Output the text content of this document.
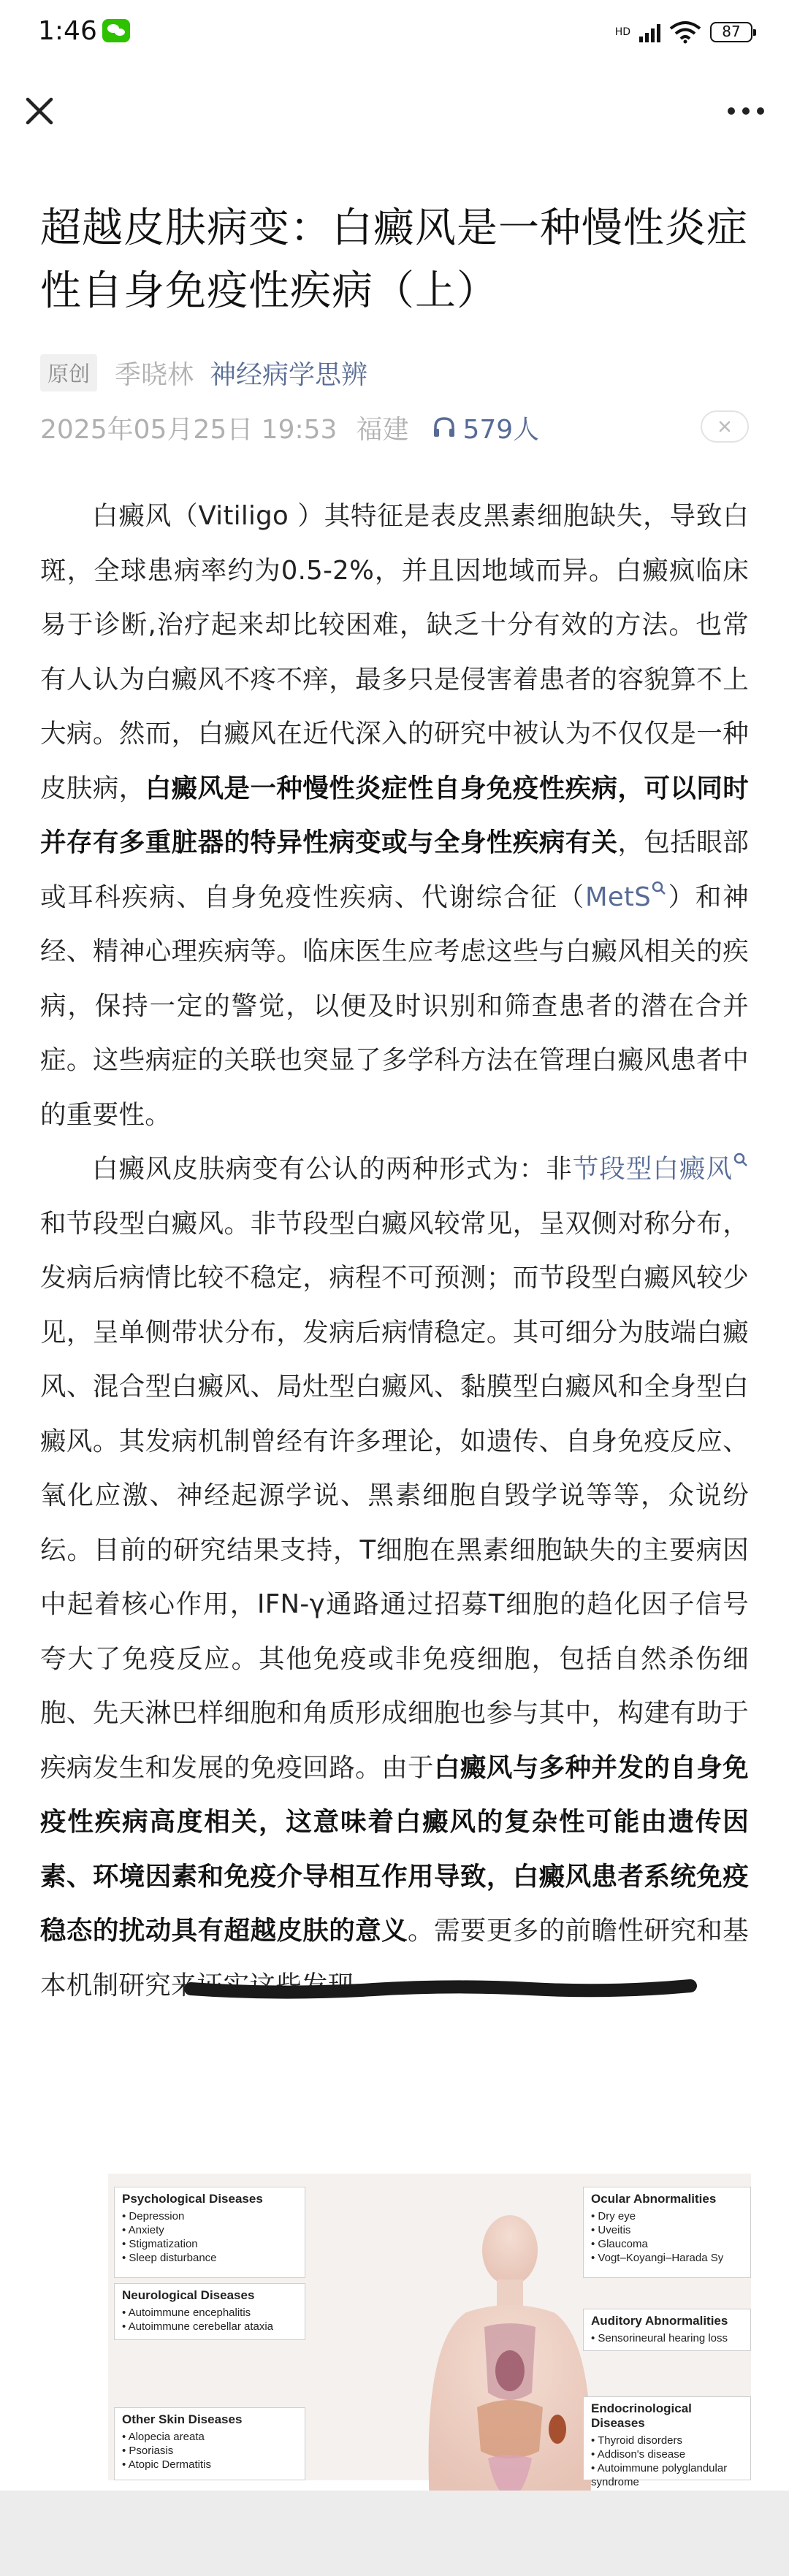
1:46	HD	87
超越皮肤病变：白癜风是一种慢性炎症性自身免疫性疾病（上）
原创 季晓林 神经病学思辨
2025年05月25日 19:53 福建 579人

白癜风（Vitiligo ）其特征是表皮黑素细胞缺失，导致白斑，全球患病率约为0.5-2%，并且因地域而异。白癜疯临床易于诊断,治疗起来却比较困难，缺乏十分有效的方法。也常有人认为白癜风不疼不痒，最多只是侵害着患者的容貌算不上大病。然而，白癜风在近代深入的研究中被认为不仅仅是一种皮肤病，白癜风是一种慢性炎症性自身免疫性疾病，可以同时并存有多重脏器的特异性病变或与全身性疾病有关，包括眼部或耳科疾病、自身免疫性疾病、代谢综合征（MetS ）和神经、精神心理疾病等。临床医生应考虑这些与白癜风相关的疾病，保持一定的警觉，以便及时识别和筛查患者的潜在合并症。这些病症的关联也突显了多学科方法在管理白癜风患者中的重要性。

白癜风皮肤病变有公认的两种形式为：非节段型白癜风和节段型白癜风。非节段型白癜风较常见，呈双侧对称分布，发病后病情比较不稳定，病程不可预测；而节段型白癜风较少见，呈单侧带状分布，发病后病情稳定。其可细分为肢端白癜风、混合型白癜风、局灶型白癜风、黏膜型白癜风和全身型白癜风。其发病机制曾经有许多理论，如遗传、自身免疫反应、氧化应激、神经起源学说、黑素细胞自毁学说等等，众说纷纭。目前的研究结果支持，T细胞在黑素细胞缺失的主要病因中起着核心作用，IFN-γ通路通过招募T细胞的趋化因子信号夸大了免疫反应。其他免疫或非免疫细胞，包括自然杀伤细胞、先天淋巴样细胞和角质形成细胞也参与其中，构建有助于疾病发生和发展的免疫回路。由于白癜风与多种并发的自身免疫性疾病高度相关，这意味着白癜风的复杂性可能由遗传因素、环境因素和免疫介导相互作用导致，白癜风患者系统免疫稳态的扰动具有超越皮肤的意义。需要更多的前瞻性研究和基本机制研究来证实这些发现。

Psychological Diseases
• Depression
• Anxiety
• Stigmatization
• Sleep disturbance
Neurological Diseases
• Autoimmune encephalitis
• Autoimmune cerebellar ataxia
Other Skin Diseases
• Alopecia areata
• Psoriasis
• Atopic Dermatitis
Ocular Abnormalities
• Dry eye
• Uveitis
• Glaucoma
• Vogt–Koyangi–Harada Sy
Auditory Abnormalities
• Sensorineural hearing loss
Endocrinological Diseases
• Thyroid disorders
• Addison's disease
• Autoimmune polyglandular
syndrome
